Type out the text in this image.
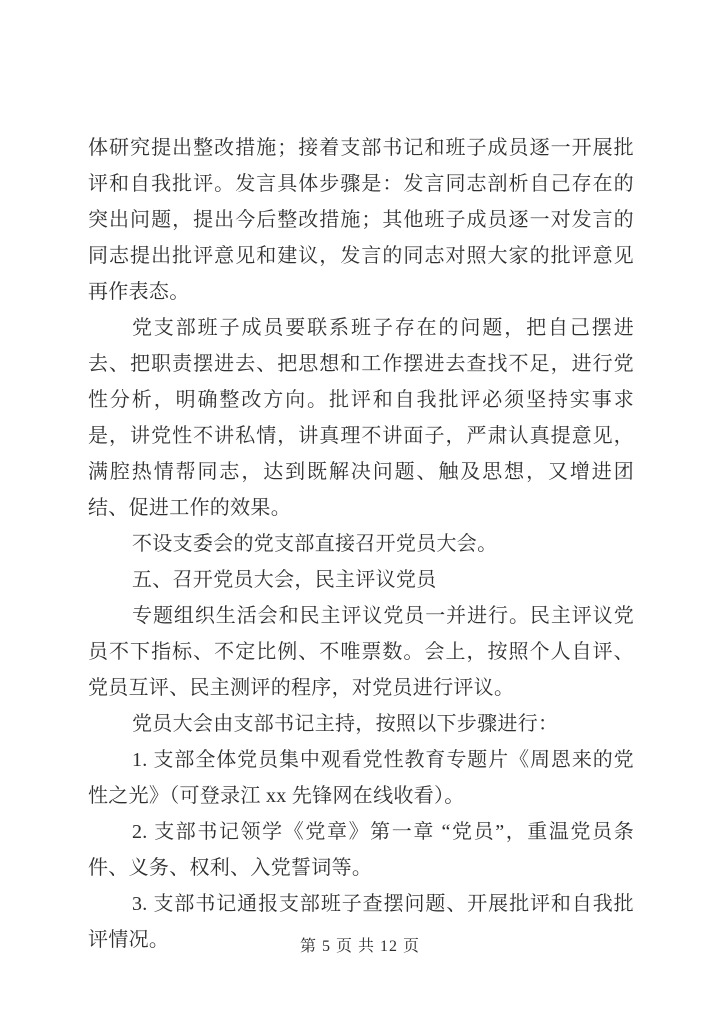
体研究提出整改措施；接着支部书记和班子成员逐一开展批评和自我批评。发言具体步骤是：发言同志剖析自己存在的突出问题，提出今后整改措施；其他班子成员逐一对发言的同志提出批评意见和建议，发言的同志对照大家的批评意见再作表态。

党支部班子成员要联系班子存在的问题，把自己摆进去、把职责摆进去、把思想和工作摆进去查找不足，进行党性分析，明确整改方向。批评和自我批评必须坚持实事求是，讲党性不讲私情，讲真理不讲面子，严肃认真提意见，满腔热情帮同志，达到既解决问题、触及思想，又增进团结、促进工作的效果。

不设支委会的党支部直接召开党员大会。

五、召开党员大会，民主评议党员

专题组织生活会和民主评议党员一并进行。民主评议党员不下指标、不定比例、不唯票数。会上，按照个人自评、党员互评、民主测评的程序，对党员进行评议。

党员大会由支部书记主持，按照以下步骤进行：

1. 支部全体党员集中观看党性教育专题片《周恩来的党性之光》（可登录江 xx 先锋网在线收看）。

2. 支部书记领学《党章》第一章 “党员”，重温党员条件、义务、权利、入党誓词等。

3. 支部书记通报支部班子查摆问题、开展批评和自我批评情况。	第 5 页 共 12 页
